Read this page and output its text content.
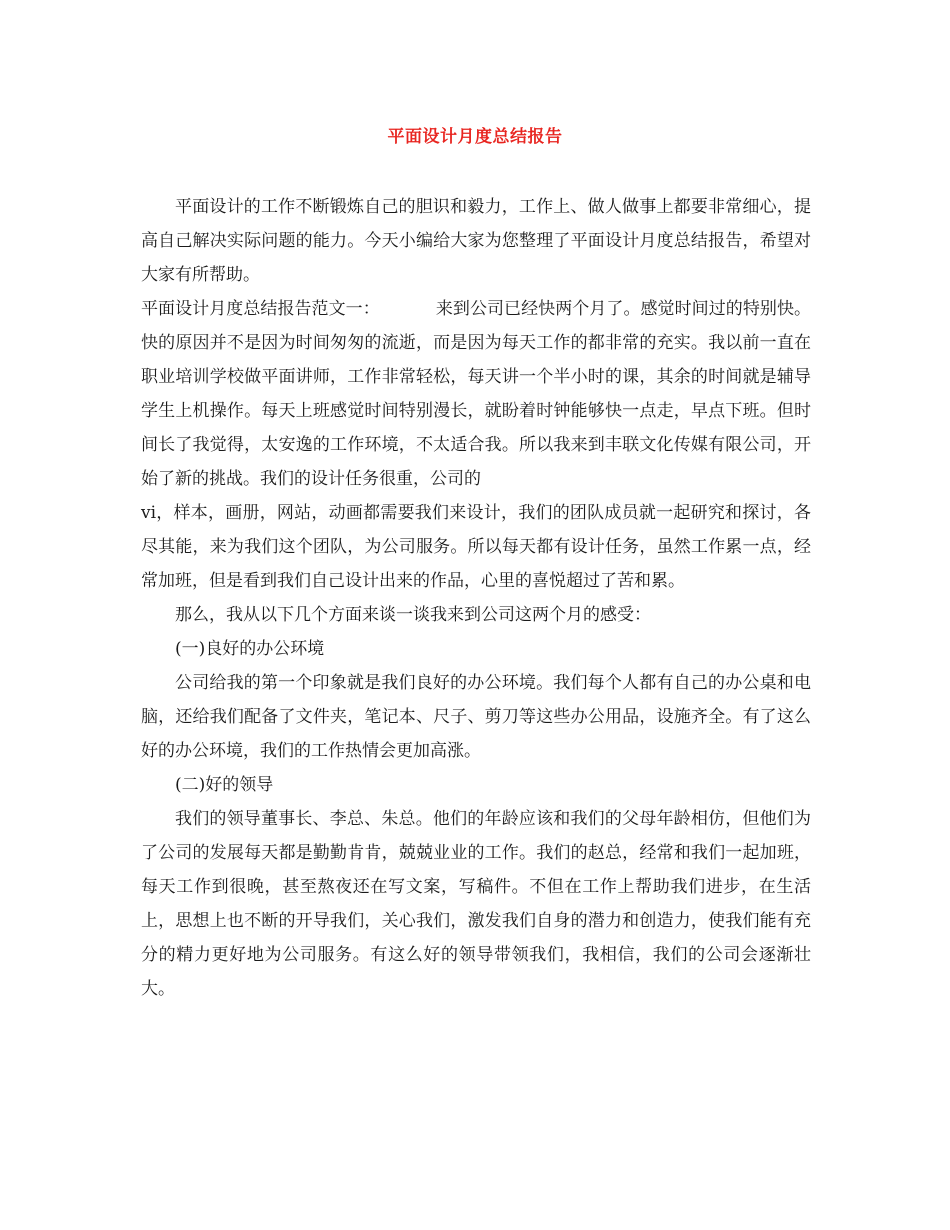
平面设计月度总结报告

平面设计的工作不断锻炼自己的胆识和毅力，工作上、做人做事上都要非常细心，提高自己解决实际问题的能力。今天小编给大家为您整理了平面设计月度总结报告，希望对大家有所帮助。

平面设计月度总结报告范文一：	来到公司已经快两个月了。感觉时间过的特别快。快的原因并不是因为时间匆匆的流逝，而是因为每天工作的都非常的充实。我以前一直在职业培训学校做平面讲师，工作非常轻松，每天讲一个半小时的课，其余的时间就是辅导学生上机操作。每天上班感觉时间特别漫长，就盼着时钟能够快一点走，早点下班。但时间长了我觉得，太安逸的工作环境，不太适合我。所以我来到丰联文化传媒有限公司，开始了新的挑战。我们的设计任务很重，公司的

vi，样本，画册，网站，动画都需要我们来设计，我们的团队成员就一起研究和探讨，各尽其能，来为我们这个团队，为公司服务。所以每天都有设计任务，虽然工作累一点，经常加班，但是看到我们自己设计出来的作品，心里的喜悦超过了苦和累。

那么，我从以下几个方面来谈一谈我来到公司这两个月的感受：

(一)良好的办公环境

公司给我的第一个印象就是我们良好的办公环境。我们每个人都有自己的办公桌和电脑，还给我们配备了文件夹，笔记本、尺子、剪刀等这些办公用品，设施齐全。有了这么好的办公环境，我们的工作热情会更加高涨。

(二)好的领导

我们的领导董事长、李总、朱总。他们的年龄应该和我们的父母年龄相仿，但他们为了公司的发展每天都是勤勤肯肯，兢兢业业的工作。我们的赵总，经常和我们一起加班，每天工作到很晚，甚至熬夜还在写文案，写稿件。不但在工作上帮助我们进步，在生活上，思想上也不断的开导我们，关心我们，激发我们自身的潜力和创造力，使我们能有充分的精力更好地为公司服务。有这么好的领导带领我们，我相信，我们的公司会逐渐壮大。
